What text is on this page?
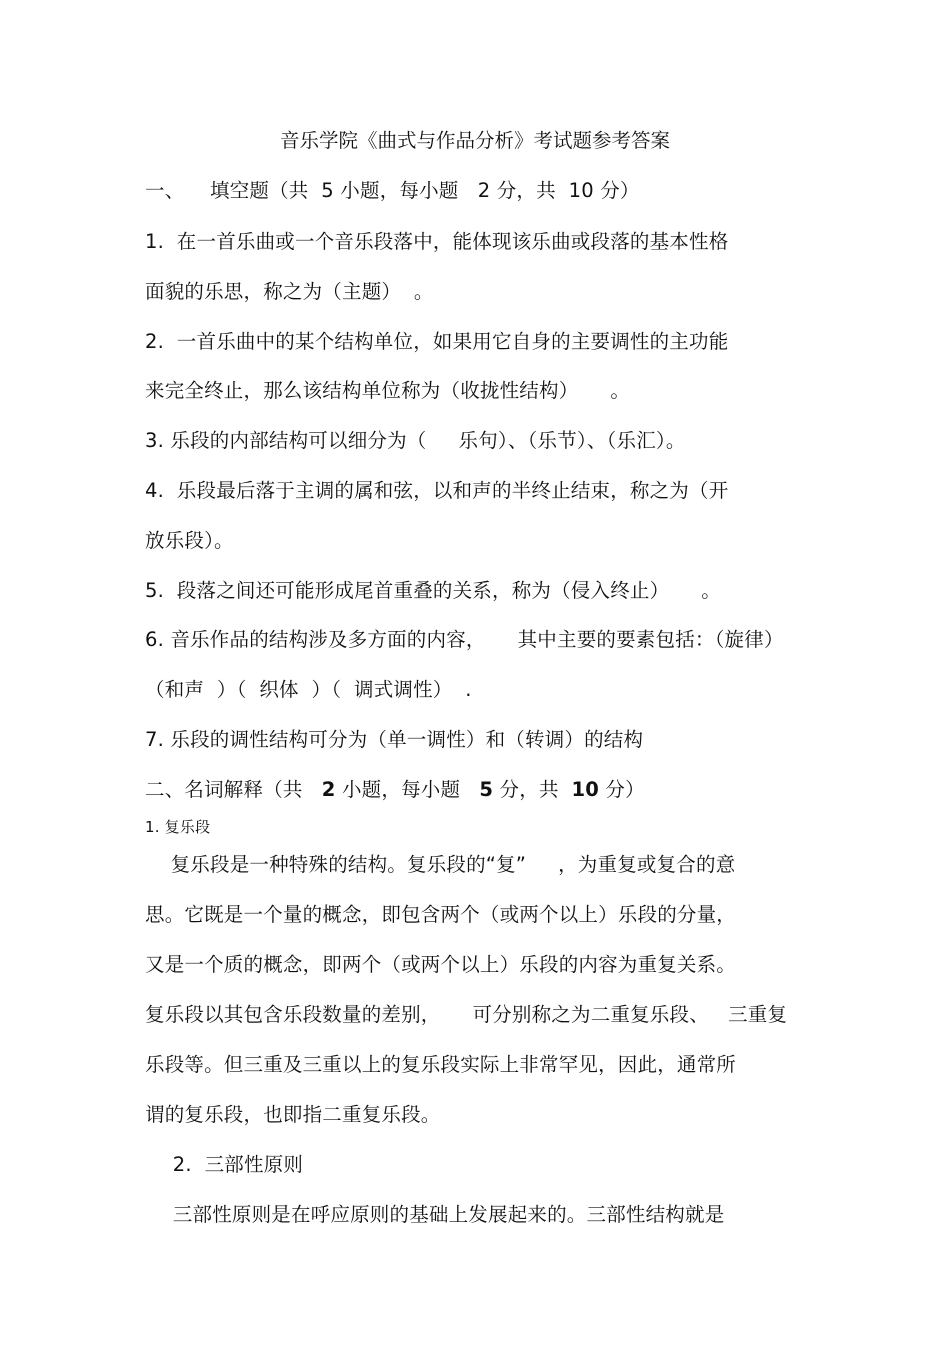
音乐学院《曲式与作品分析》考试题参考答案
一、    填空题（共  5 小题，每小题   2 分，共  10 分）
1.  在一首乐曲或一个音乐段落中，能体现该乐曲或段落的基本性格
面貌的乐思，称之为（主题）  。
2.  一首乐曲中的某个结构单位，如果用它自身的主要调性的主功能
来完全终止，那么该结构单位称为（收拢性结构）     。
3. 乐段的内部结构可以细分为（     乐句）、（乐节）、（乐汇）。
4.  乐段最后落于主调的属和弦，以和声的半终止结束，称之为（开
放乐段）。
5.  段落之间还可能形成尾首重叠的关系，称为（侵入终止）     。
6. 音乐作品的结构涉及多方面的内容，     其中主要的要素包括：（旋律）
（和声  ）（  织体  ）（  调式调性）  .
7. 乐段的调性结构可分为（单一调性）和（转调）的结构
二、名词解释（共   2 小题，每小题   5 分，共  10 分）
1. 复乐段
复乐段是一种特殊的结构。复乐段的“复”     ，为重复或复合的意
思。它既是一个量的概念，即包含两个（或两个以上）乐段的分量，
又是一个质的概念，即两个（或两个以上）乐段的内容为重复关系。
复乐段以其包含乐段数量的差别，     可分别称之为二重复乐段、   三重复
乐段等。但三重及三重以上的复乐段实际上非常罕见，因此，通常所
谓的复乐段，也即指二重复乐段。
2.  三部性原则
三部性原则是在呼应原则的基础上发展起来的。三部性结构就是
